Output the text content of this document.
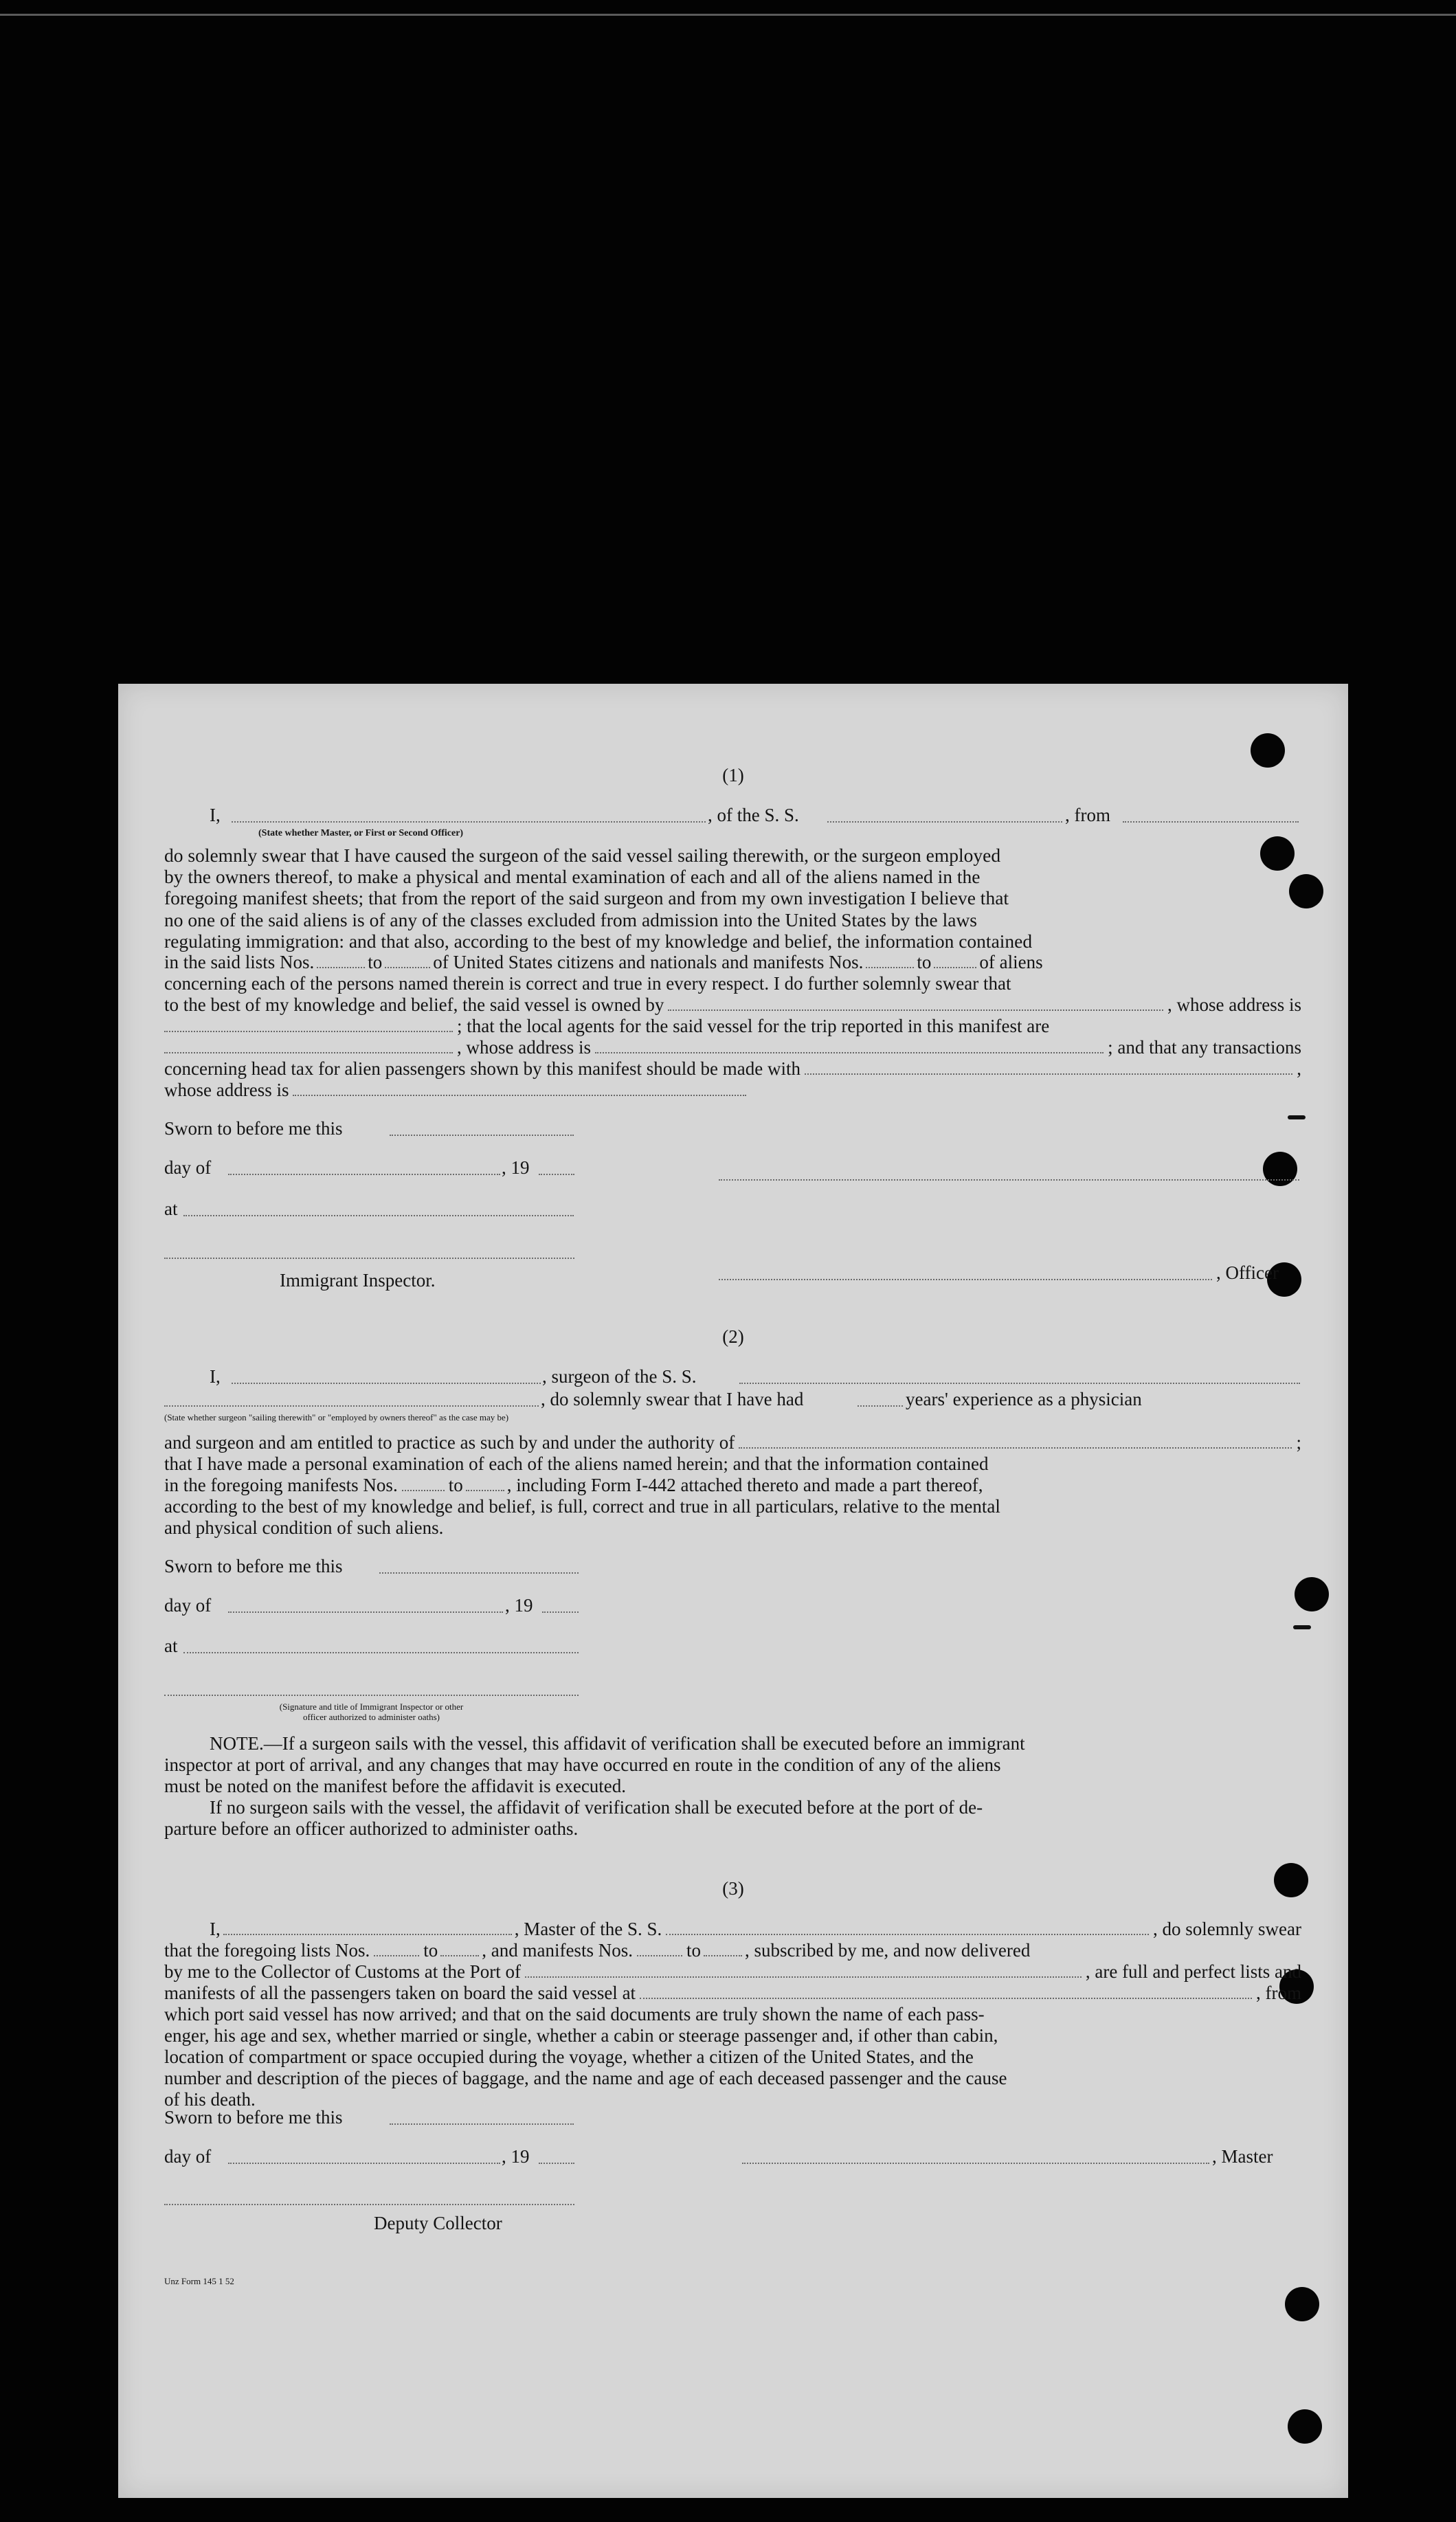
(1)
I,	, of the S. S.	, from
(State whether Master, or First or Second Officer)

do solemnly swear that I have caused the surgeon of the said vessel sailing therewith, or the surgeon employed

by the owners thereof, to make a physical and mental examination of each and all of the aliens named in the

foregoing manifest sheets; that from the report of the said surgeon and from my own investigation I believe that

no one of the said aliens is of any of the classes excluded from admission into the United States by the laws

regulating immigration: and that also, according to the best of my knowledge and belief, the information contained

in the said lists Nos.	to	of United States citizens and nationals and manifests Nos.	to	of aliens
concerning each of the persons named therein is correct and true in every respect. I do further solemnly swear that
to the best of my knowledge and belief, the said vessel is owned by	, whose address is
; that the local agents for the said vessel for the trip reported in this manifest are
, whose address is	; and that any transactions
concerning head tax for alien passengers shown by this manifest should be made with	,
whose address is
Sworn to before me this
day of	, 19
at
Immigrant Inspector.	, Officer
(2)
I,	, surgeon of the S. S.
, do solemnly swear that I have had	years' experience as a physician
(State whether surgeon "sailing therewith" or "employed by owners thereof" as the case may be)
and surgeon and am entitled to practice as such by and under the authority of	;
that I have made a personal examination of each of the aliens named herein; and that the information contained
in the foregoing manifests Nos.	to , including Form I-442 attached thereto and made a part thereof,
according to the best of my knowledge and belief, is full, correct and true in all particulars, relative to the mental
and physical condition of such aliens.
Sworn to before me this
day of	, 19
at
(Signature and title of Immigrant Inspector or other
officer authorized to administer oaths)
NOTE.—If a surgeon sails with the vessel, this affidavit of verification shall be executed before an immigrant
inspector at port of arrival, and any changes that may have occurred en route in the condition of any of the aliens
must be noted on the manifest before the affidavit is executed.
If no surgeon sails with the vessel, the affidavit of verification shall be executed before at the port of de-
parture before an officer authorized to administer oaths.
(3)
I,	, Master of the S. S.	, do solemnly swear
that the foregoing lists Nos.	to , and manifests Nos.	to , subscribed by me, and now delivered
by me to the Collector of Customs at the Port of	, are full and perfect lists and
manifests of all the passengers taken on board the said vessel at	, from
which port said vessel has now arrived; and that on the said documents are truly shown the name of each pass-
enger, his age and sex, whether married or single, whether a cabin or steerage passenger and, if other than cabin,
location of compartment or space occupied during the voyage, whether a citizen of the United States, and the
number and description of the pieces of baggage, and the name and age of each deceased passenger and the cause
of his death.
Sworn to before me this
day of	, 19	, Master
Deputy Collector
Unz Form 145 1 52
